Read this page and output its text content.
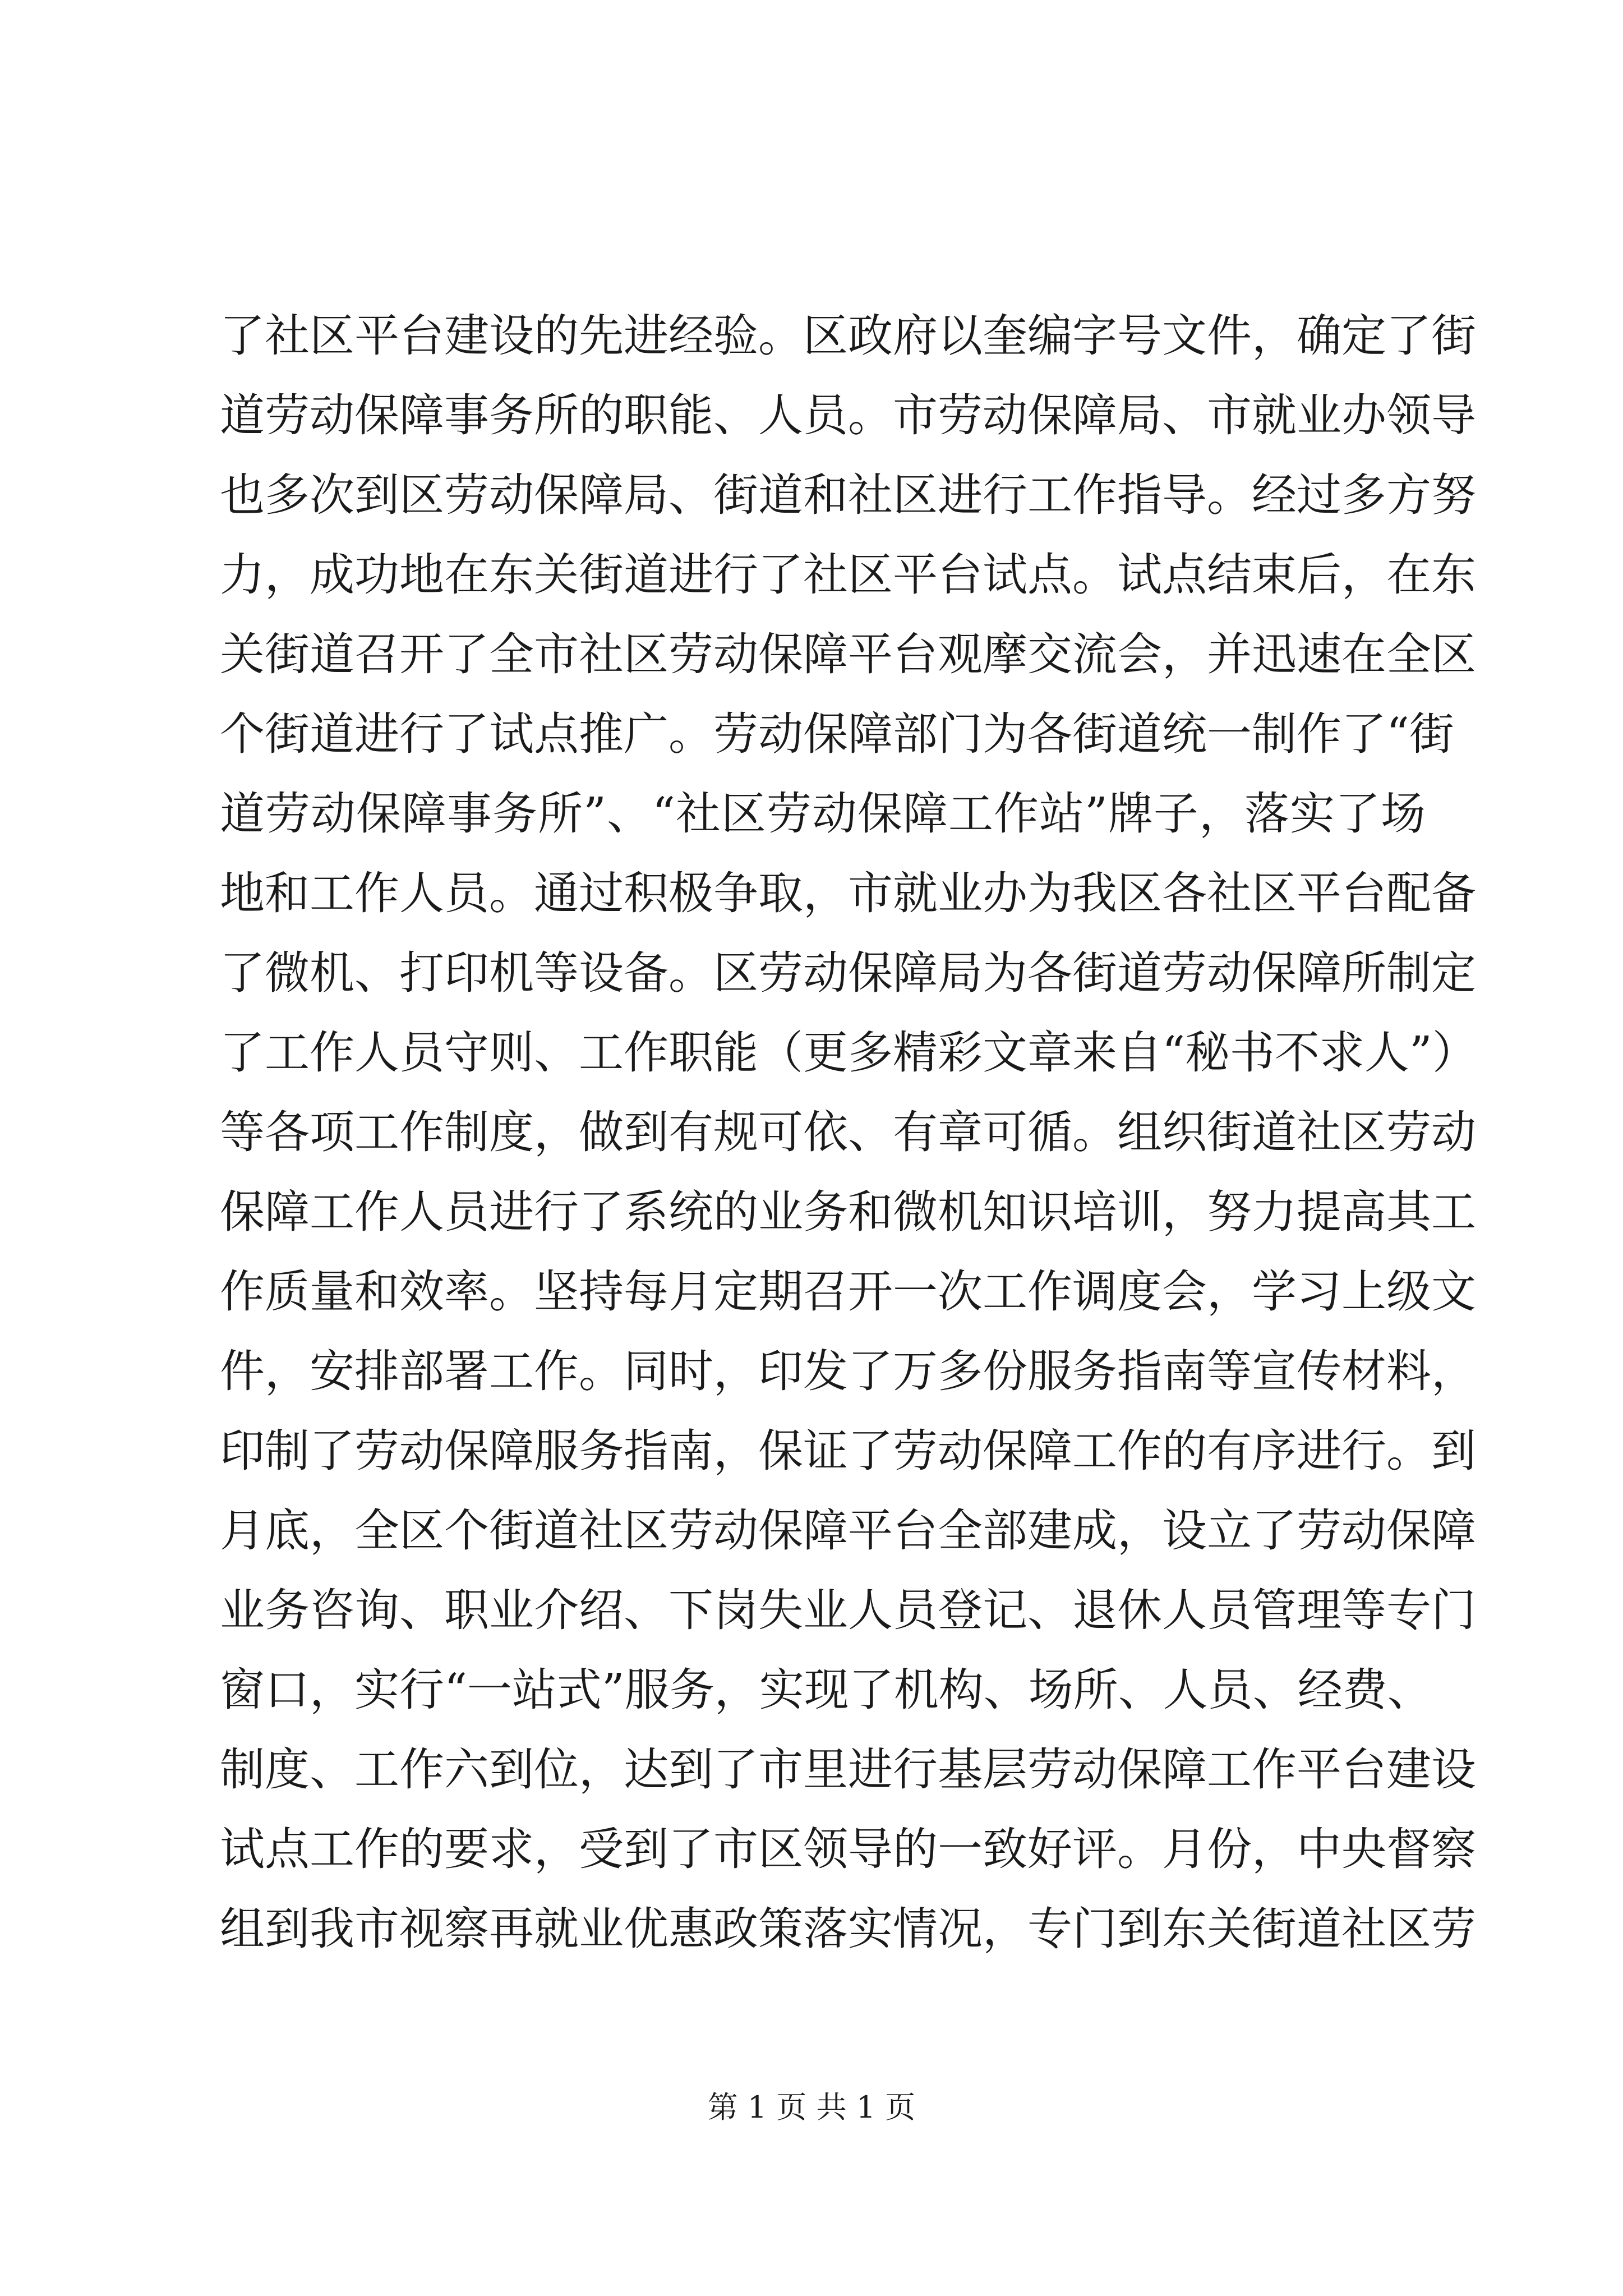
了社区平台建设的先进经验。区政府以奎编字号文件，确定了街
道劳动保障事务所的职能、人员。市劳动保障局、市就业办领导
也多次到区劳动保障局、街道和社区进行工作指导。经过多方努
力，成功地在东关街道进行了社区平台试点。试点结束后，在东
关街道召开了全市社区劳动保障平台观摩交流会，并迅速在全区
个街道进行了试点推广。劳动保障部门为各街道统一制作了“街
道劳动保障事务所”、“社区劳动保障工作站”牌子，落实了场
地和工作人员。通过积极争取，市就业办为我区各社区平台配备
了微机、打印机等设备。区劳动保障局为各街道劳动保障所制定
了工作人员守则、工作职能（更多精彩文章来自“秘书不求人”）
等各项工作制度，做到有规可依、有章可循。组织街道社区劳动
保障工作人员进行了系统的业务和微机知识培训，努力提高其工
作质量和效率。坚持每月定期召开一次工作调度会，学习上级文
件，安排部署工作。同时，印发了万多份服务指南等宣传材料，
印制了劳动保障服务指南，保证了劳动保障工作的有序进行。到
月底，全区个街道社区劳动保障平台全部建成，设立了劳动保障
业务咨询、职业介绍、下岗失业人员登记、退休人员管理等专门
窗口，实行“一站式”服务，实现了机构、场所、人员、经费、
制度、工作六到位，达到了市里进行基层劳动保障工作平台建设
试点工作的要求，受到了市区领导的一致好评。月份，中央督察
组到我市视察再就业优惠政策落实情况，专门到东关街道社区劳
第 1 页 共 1 页
